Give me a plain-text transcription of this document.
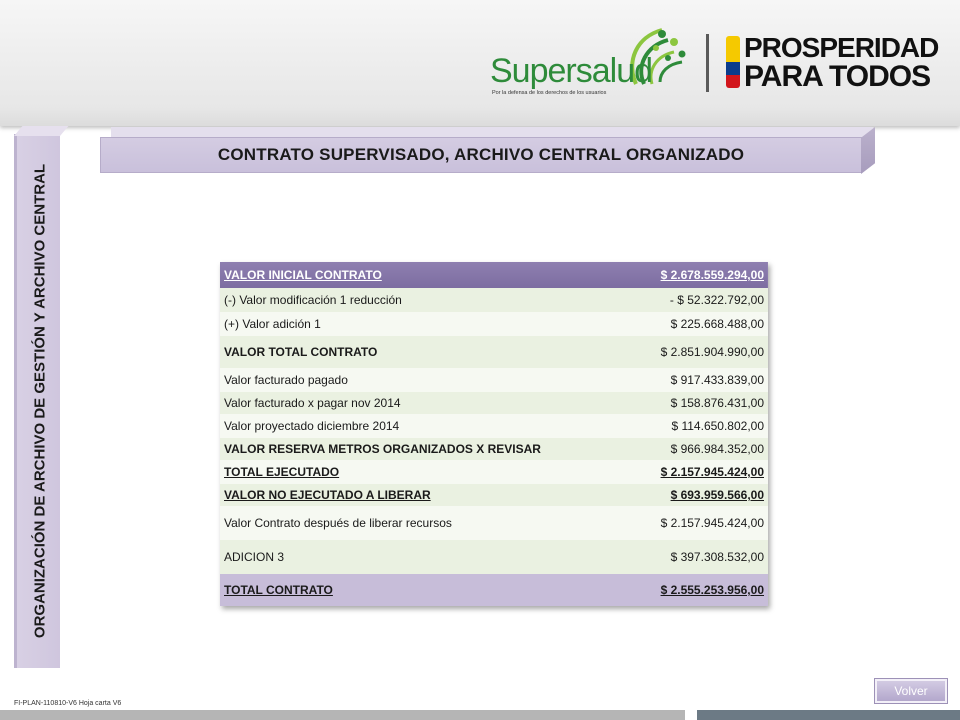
Supersalud
Por la defensa de los derechos de los usuarios
PROSPERIDAD
PARA TODOS
ORGANIZACIÓN DE ARCHIVO DE GESTIÓN Y ARCHIVO CENTRAL
CONTRATO SUPERVISADO, ARCHIVO CENTRAL ORGANIZADO
VALOR INICIAL CONTRATO	$ 2.678.559.294,00
(-) Valor modificación 1 reducción	- $ 52.322.792,00
(+) Valor adición 1	$ 225.668.488,00
VALOR TOTAL CONTRATO	$ 2.851.904.990,00
Valor facturado pagado	$ 917.433.839,00
Valor facturado x pagar nov 2014	$ 158.876.431,00
Valor proyectado diciembre 2014	$ 114.650.802,00
VALOR RESERVA METROS ORGANIZADOS X REVISAR	$ 966.984.352,00
TOTAL EJECUTADO	$ 2.157.945.424,00
VALOR NO EJECUTADO A LIBERAR	$ 693.959.566,00
Valor Contrato después de liberar recursos	$ 2.157.945.424,00
ADICION 3	$ 397.308.532,00
TOTAL CONTRATO	$ 2.555.253.956,00
FI-PLAN-110810-V6 Hoja carta V6
Volver
